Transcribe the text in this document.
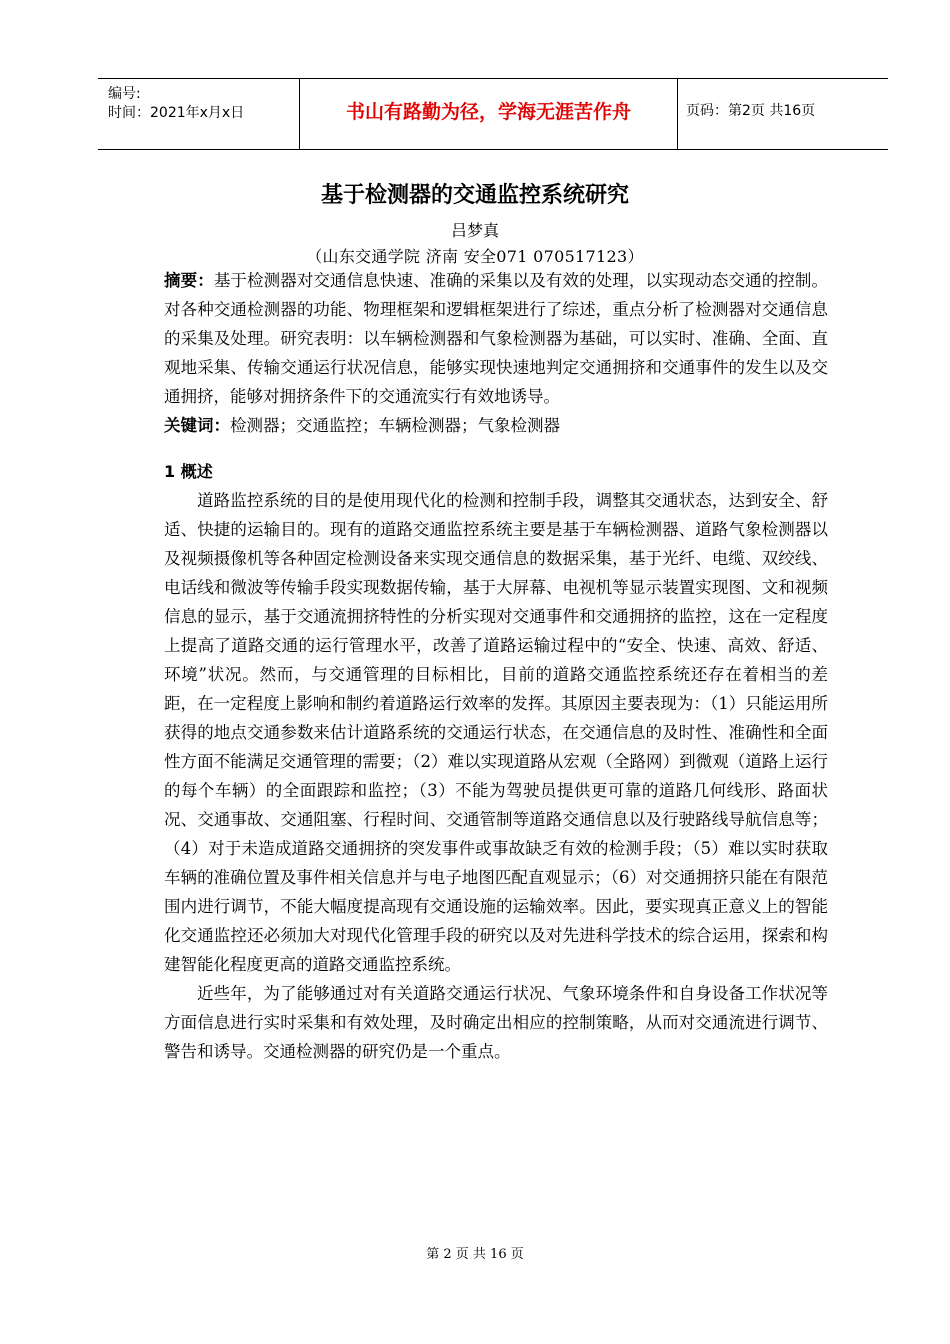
编号:
时间：2021年x月x日	书山有路勤为径，学海无涯苦作舟	页码：第2页 共16页
基于检测器的交通监控系统研究
吕梦真
（山东交通学院 济南 安全071 070517123）

摘要：基于检测器对交通信息快速、准确的采集以及有效的处理，以实现动态交通的控制。对各种交通检测器的功能、物理框架和逻辑框架进行了综述，重点分析了检测器对交通信息的采集及处理。研究表明：以车辆检测器和气象检测器为基础，可以实时、准确、全面、直观地采集、传输交通运行状况信息，能够实现快速地判定交通拥挤和交通事件的发生以及交通拥挤，能够对拥挤条件下的交通流实行有效地诱导。

关键词：检测器；交通监控；车辆检测器；气象检测器

1 概述

道路监控系统的目的是使用现代化的检测和控制手段，调整其交通状态，达到安全、舒适、快捷的运输目的。现有的道路交通监控系统主要是基于车辆检测器、道路气象检测器以及视频摄像机等各种固定检测设备来实现交通信息的数据采集，基于光纤、电缆、双绞线、电话线和微波等传输手段实现数据传输，基于大屏幕、电视机等显示装置实现图、文和视频信息的显示，基于交通流拥挤特性的分析实现对交通事件和交通拥挤的监控，这在一定程度上提高了道路交通的运行管理水平，改善了道路运输过程中的“安全、快速、高效、舒适、环境”状况。然而，与交通管理的目标相比，目前的道路交通监控系统还存在着相当的差距，在一定程度上影响和制约着道路运行效率的发挥。其原因主要表现为：（1）只能运用所获得的地点交通参数来估计道路系统的交通运行状态，在交通信息的及时性、准确性和全面性方面不能满足交通管理的需要；（2）难以实现道路从宏观（全路网）到微观（道路上运行的每个车辆）的全面跟踪和监控；（3）不能为驾驶员提供更可靠的道路几何线形、路面状况、交通事故、交通阻塞、行程时间、交通管制等道路交通信息以及行驶路线导航信息等；（4）对于未造成道路交通拥挤的突发事件或事故缺乏有效的检测手段；（5）难以实时获取车辆的准确位置及事件相关信息并与电子地图匹配直观显示；（6）对交通拥挤只能在有限范围内进行调节，不能大幅度提高现有交通设施的运输效率。因此，要实现真正意义上的智能化交通监控还必须加大对现代化管理手段的研究以及对先进科学技术的综合运用，探索和构建智能化程度更高的道路交通监控系统。

近些年，为了能够通过对有关道路交通运行状况、气象环境条件和自身设备工作状况等方面信息进行实时采集和有效处理，及时确定出相应的控制策略，从而对交通流进行调节、警告和诱导。交通检测器的研究仍是一个重点。

第 2 页 共 16 页
